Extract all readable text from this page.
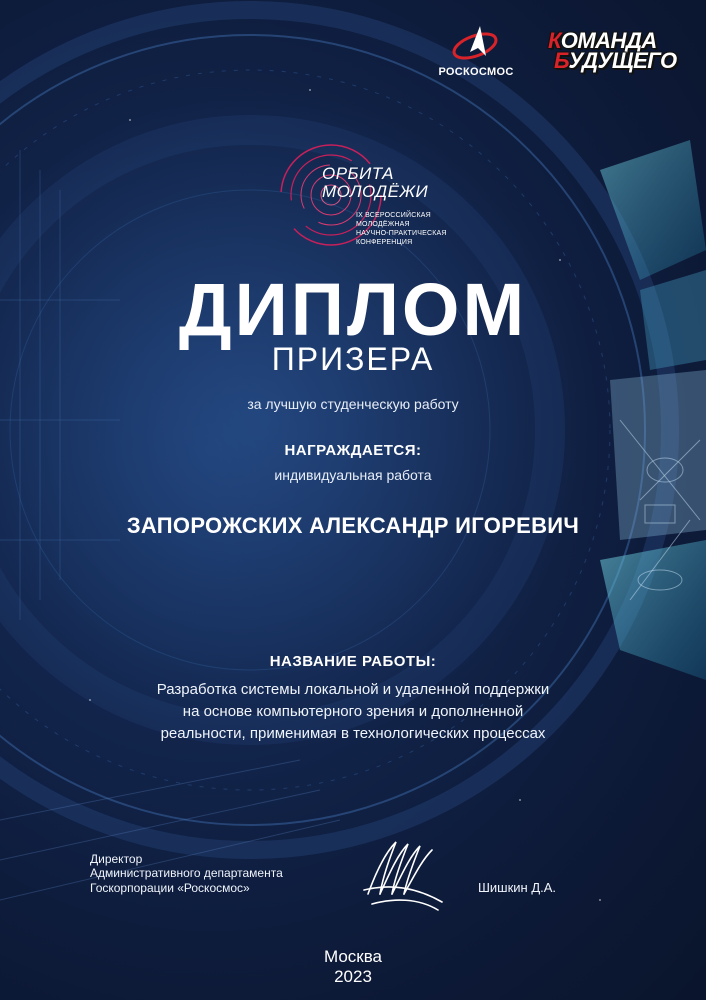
РОСКОСМОС
КОМАНДА
БУДУЩЕГО
ОРБИТА
МОЛОДЁЖИ
IX ВСЕРОССИЙСКАЯ
МОЛОДЁЖНАЯ
НАУЧНО-ПРАКТИЧЕСКАЯ
КОНФЕРЕНЦИЯ
ДИПЛОМ
ПРИЗЕРА
за лучшую студенческую работу
НАГРАЖДАЕТСЯ:
индивидуальная работа
ЗАПОРОЖСКИХ АЛЕКСАНДР ИГОРЕВИЧ
НАЗВАНИЕ РАБОТЫ:
Разработка системы локальной и удаленной поддержки
на основе компьютерного зрения и дополненной
реальности, применимая в технологических процессах
Директор
Административного департамента
Госкорпорации «Роскосмос»	Шишкин Д.А.
Москва
2023
